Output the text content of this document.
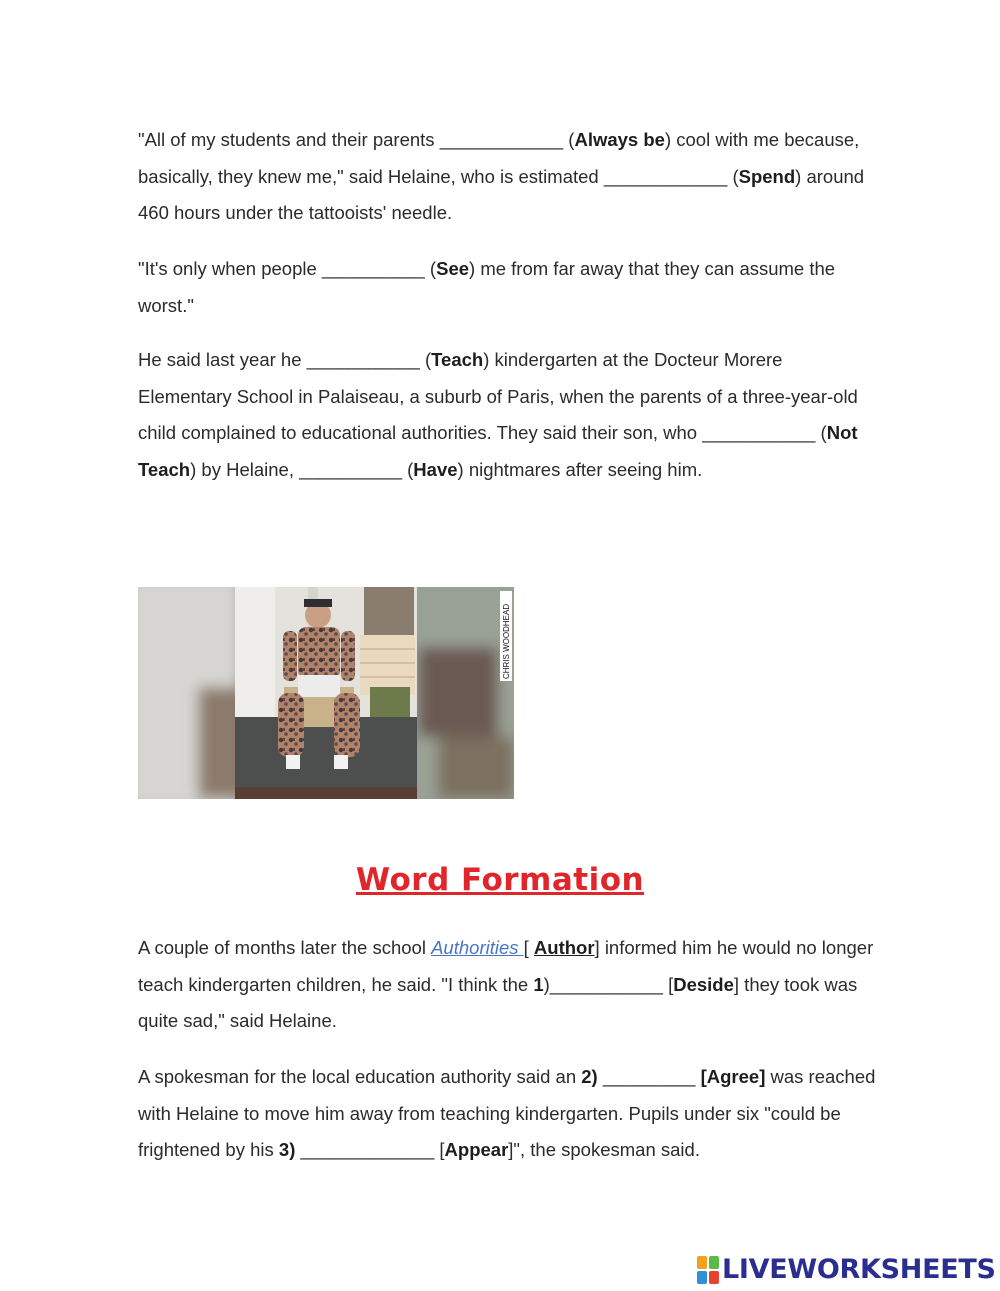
"All of my students and their parents ____________ (Always be) cool with me because, basically, they knew me," said Helaine, who is estimated ____________ (Spend) around 460 hours under the tattooists' needle.

"It's only when people __________ (See) me from far away that they can assume the worst."

He said last year he ___________ (Teach) kindergarten at the Docteur Morere Elementary School in Palaiseau, a suburb of Paris, when the parents of a three-year-old child complained to educational authorities. They said their son, who ___________ (Not Teach) by Helaine, __________ (Have) nightmares after seeing him.

CHRIS WOODHEAD
Word Formation

A couple of months later the school Authorities [ Author] informed him he would no longer teach kindergarten children, he said. "I think the 1)___________ [Deside] they took was quite sad," said Helaine.

A spokesman for the local education authority said an 2) _________ [Agree] was reached with Helaine to move him away from teaching kindergarten. Pupils under six "could be frightened by his 3) _____________ [Appear]", the spokesman said.

LIVEWORKSHEETS
